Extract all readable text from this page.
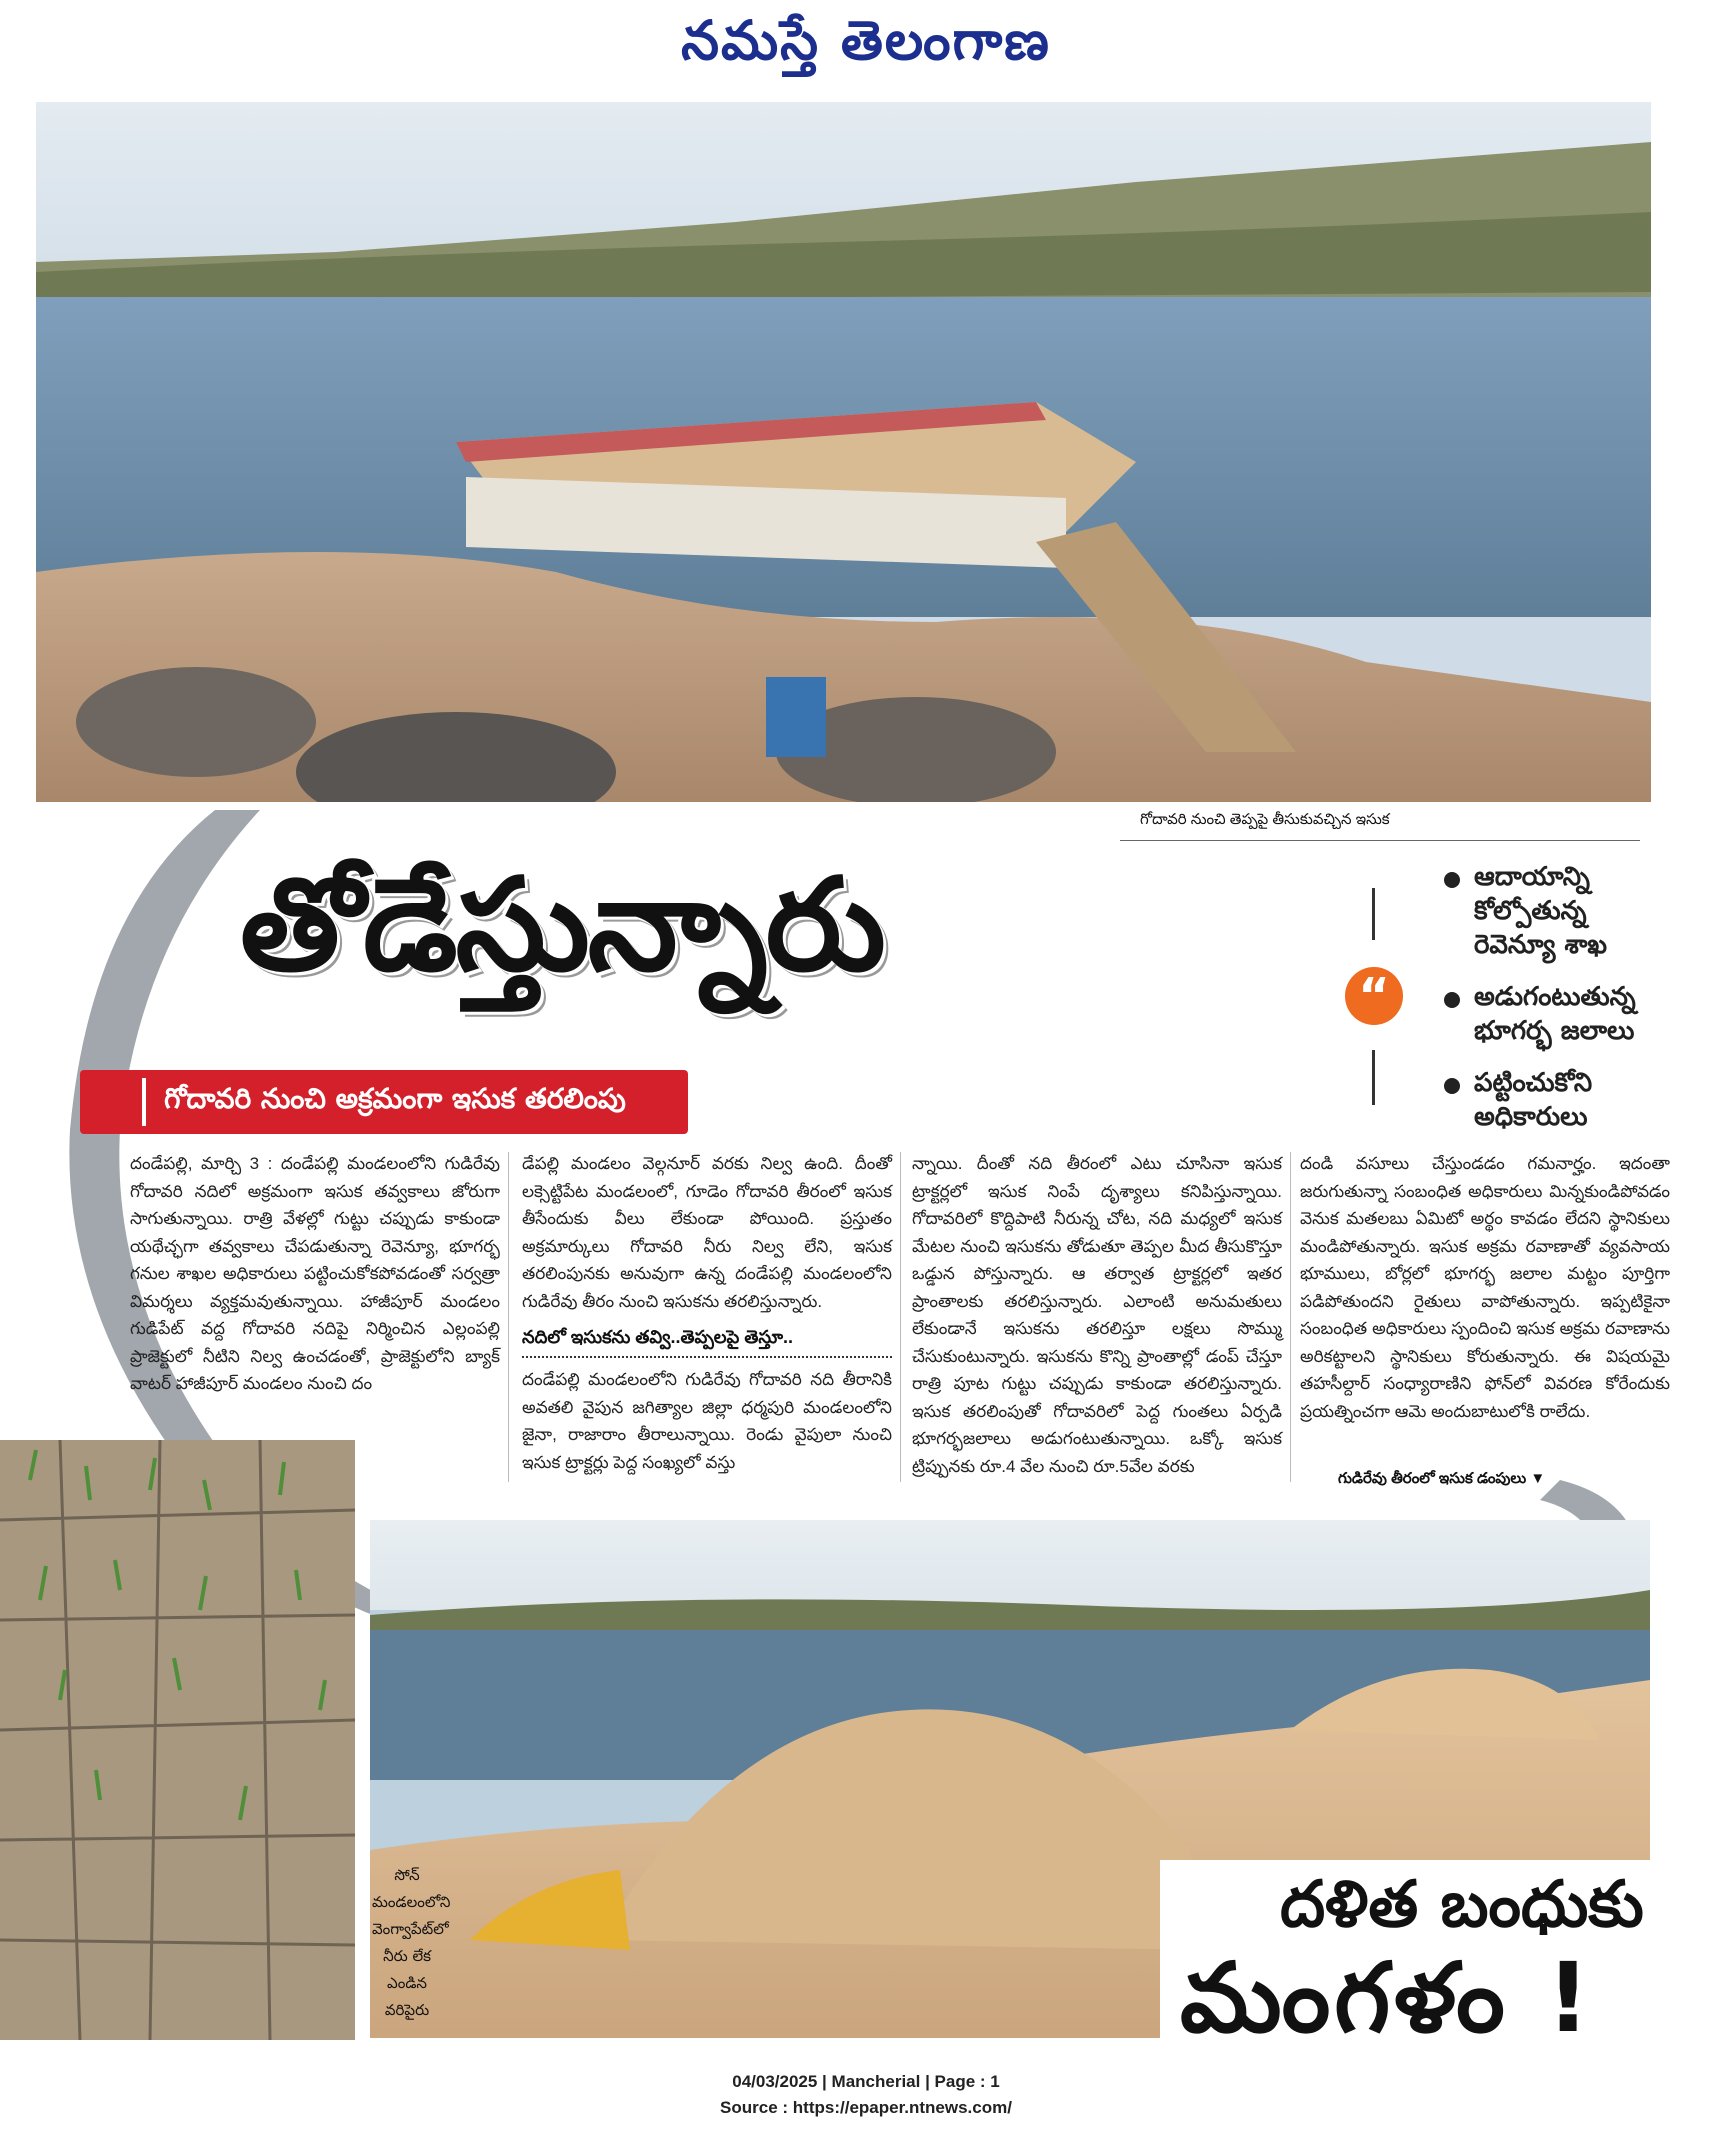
నమస్తే తెలంగాణ
గోదావరి నుంచి తెప్పపై తీసుకువచ్చిన ఇసుక
తోడేస్తున్నారు
గోదావరి నుంచి అక్రమంగా ఇసుక తరలింపు
“
ఆదాయాన్ని కోల్పోతున్న రెవెన్యూ శాఖ
అడుగంటుతున్న భూగర్భ జలాలు
పట్టించుకోని అధికారులు
దండేపల్లి, మార్చి 3 : దండేపల్లి మండలంలోని గుడిరేవు గోదావరి నదిలో అక్రమంగా ఇసుక తవ్వకాలు జోరుగా సాగుతున్నాయి. రాత్రి వేళల్లో గుట్టు చప్పుడు కాకుండా యథేచ్ఛగా తవ్వకాలు చేపడుతున్నా రెవెన్యూ, భూగర్భ గనుల శాఖల అధికారులు పట్టించుకోకపోవడంతో సర్వత్రా విమర్శలు వ్యక్తమవుతున్నాయి. హాజీపూర్ మండలం గుడిపేట్ వద్ద గోదావరి నదిపై నిర్మించిన ఎల్లంపల్లి ప్రాజెక్టులో నీటిని నిల్వ ఉంచడంతో, ప్రాజెక్టులోని బ్యాక్ వాటర్ హాజీపూర్ మండలం నుంచి దం
డేపల్లి మండలం వెల్గనూర్ వరకు నిల్వ ఉంది. దీంతో లక్సెట్టిపేట మండలంలో, గూడెం గోదావరి తీరంలో ఇసుక తీసేందుకు వీలు లేకుండా పోయింది. ప్రస్తుతం అక్రమార్కులు గోదావరి నీరు నిల్వ లేని, ఇసుక తరలింపునకు అనువుగా ఉన్న దండేపల్లి మండలంలోని గుడిరేవు తీరం నుంచి ఇసుకను తరలిస్తున్నారు.
నదిలో ఇసుకను తవ్వి..తెప్పలపై తెస్తూ..
దండేపల్లి మండలంలోని గుడిరేవు గోదావరి నది తీరానికి అవతలి వైపున జగిత్యాల జిల్లా ధర్మపురి మండలంలోని జైనా, రాజారాం తీరాలున్నాయి. రెండు వైపులా నుంచి ఇసుక ట్రాక్టర్లు పెద్ద సంఖ్యలో వస్తు
న్నాయి. దీంతో నది తీరంలో ఎటు చూసినా ఇసుక ట్రాక్టర్లలో ఇసుక నింపే దృశ్యాలు కనిపిస్తున్నాయి. గోదావరిలో కొద్దిపాటి నీరున్న చోట, నది మధ్యలో ఇసుక మేటల నుంచి ఇసుకను తోడుతూ తెప్పల మీద తీసుకొస్తూ ఒడ్డున పోస్తున్నారు. ఆ తర్వాత ట్రాక్టర్లలో ఇతర ప్రాంతాలకు తరలిస్తున్నారు. ఎలాంటి అనుమతులు లేకుండానే ఇసుకను తరలిస్తూ లక్షలు సొమ్ము చేసుకుంటున్నారు. ఇసుకను కొన్ని ప్రాంతాల్లో డంప్ చేస్తూ రాత్రి పూట గుట్టు చప్పుడు కాకుండా తరలిస్తున్నారు. ఇసుక తరలింపుతో గోదావరిలో పెద్ద గుంతలు ఏర్పడి భూగర్భజలాలు అడుగంటుతున్నాయి. ఒక్కో ఇసుక ట్రిప్పునకు రూ.4 వేల నుంచి రూ.5వేల వరకు
దండి వసూలు చేస్తుండడం గమనార్హం. ఇదంతా జరుగుతున్నా సంబంధిత అధికారులు మిన్నకుండిపోవడం వెనుక మతలబు ఏమిటో అర్థం కావడం లేదని స్థానికులు మండిపోతున్నారు. ఇసుక అక్రమ రవాణాతో వ్యవసాయ భూములు, బోర్లలో భూగర్భ జలాల మట్టం పూర్తిగా పడిపోతుందని రైతులు వాపోతున్నారు. ఇప్పటికైనా సంబంధిత అధికారులు స్పందించి ఇసుక అక్రమ రవాణాను అరికట్టాలని స్థానికులు కోరుతున్నారు. ఈ విషయమై తహసీల్దార్ సంధ్యారాణిని ఫోన్‌లో వివరణ కోరేందుకు ప్రయత్నించగా ఆమె అందుబాటులోకి రాలేదు.
గుడిరేవు తీరంలో ఇసుక డంపులు ▼
సోన్
మండలంలోని
వెంగ్వాపేట్‌లో
నీరు లేక
ఎండిన
వరిపైరు
దళిత బంధుకు
మంగళం !
04/03/2025 | Mancherial | Page : 1
Source : https://epaper.ntnews.com/
